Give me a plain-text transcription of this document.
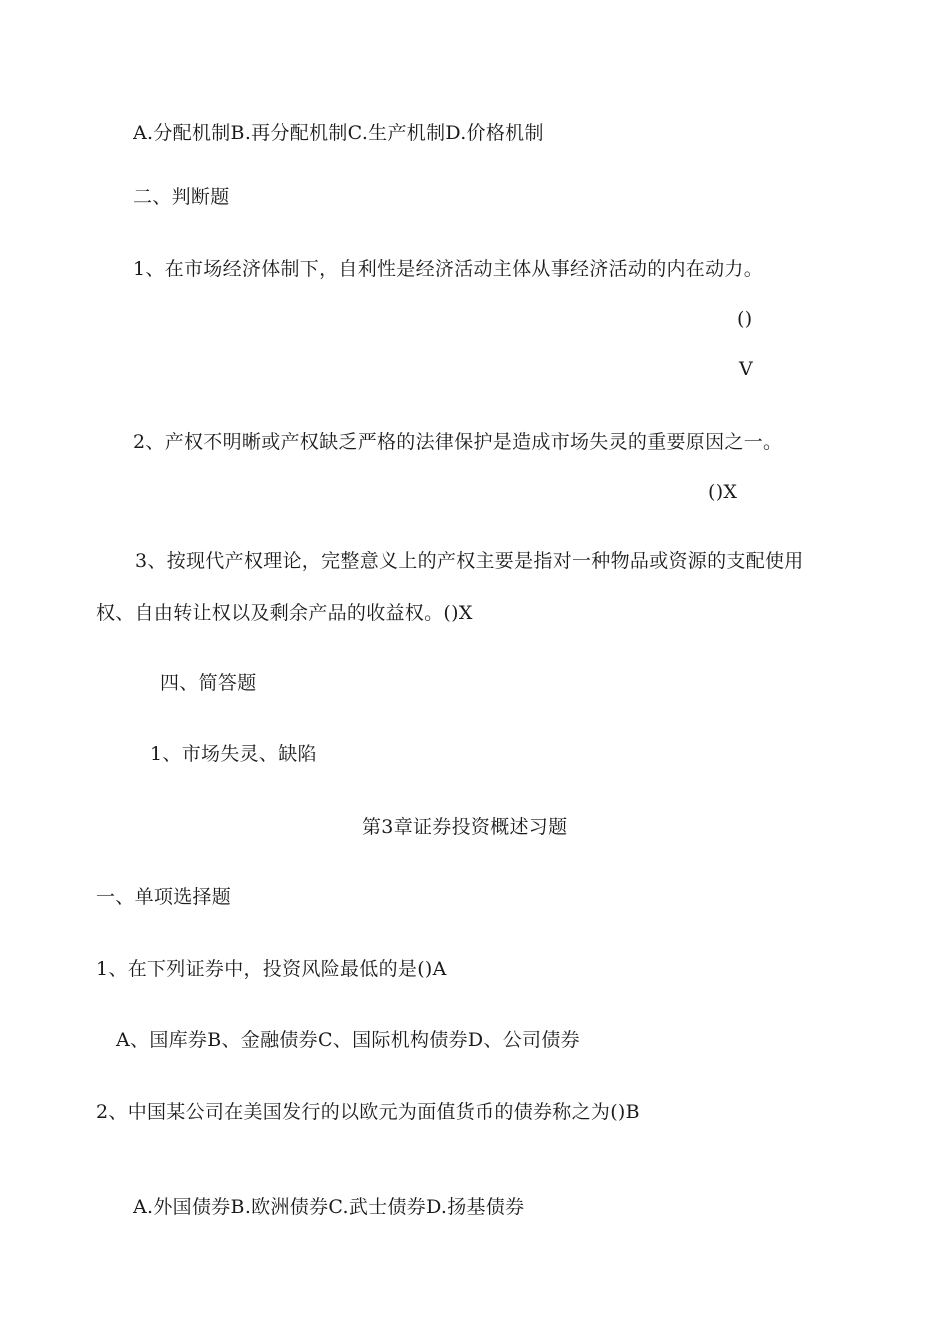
A.分配机制B.再分配机制C.生产机制D.价格机制
二、判断题
1、在市场经济体制下，自利性是经济活动主体从事经济活动的内在动力。
()
V
2、产权不明晰或产权缺乏严格的法律保护是造成市场失灵的重要原因之一。
()X
3、按现代产权理论，完整意义上的产权主要是指对一种物品或资源的支配使用
权、自由转让权以及剩余产品的收益权。()X
四、简答题
1、市场失灵、缺陷
第3章证券投资概述习题
一、单项选择题
1、在下列证券中，投资风险最低的是()A
A、国库券B、金融债券C、国际机构债券D、公司债券
2、中国某公司在美国发行的以欧元为面值货币的债券称之为()B
A.外国债券B.欧洲债券C.武士债券D.扬基债券
